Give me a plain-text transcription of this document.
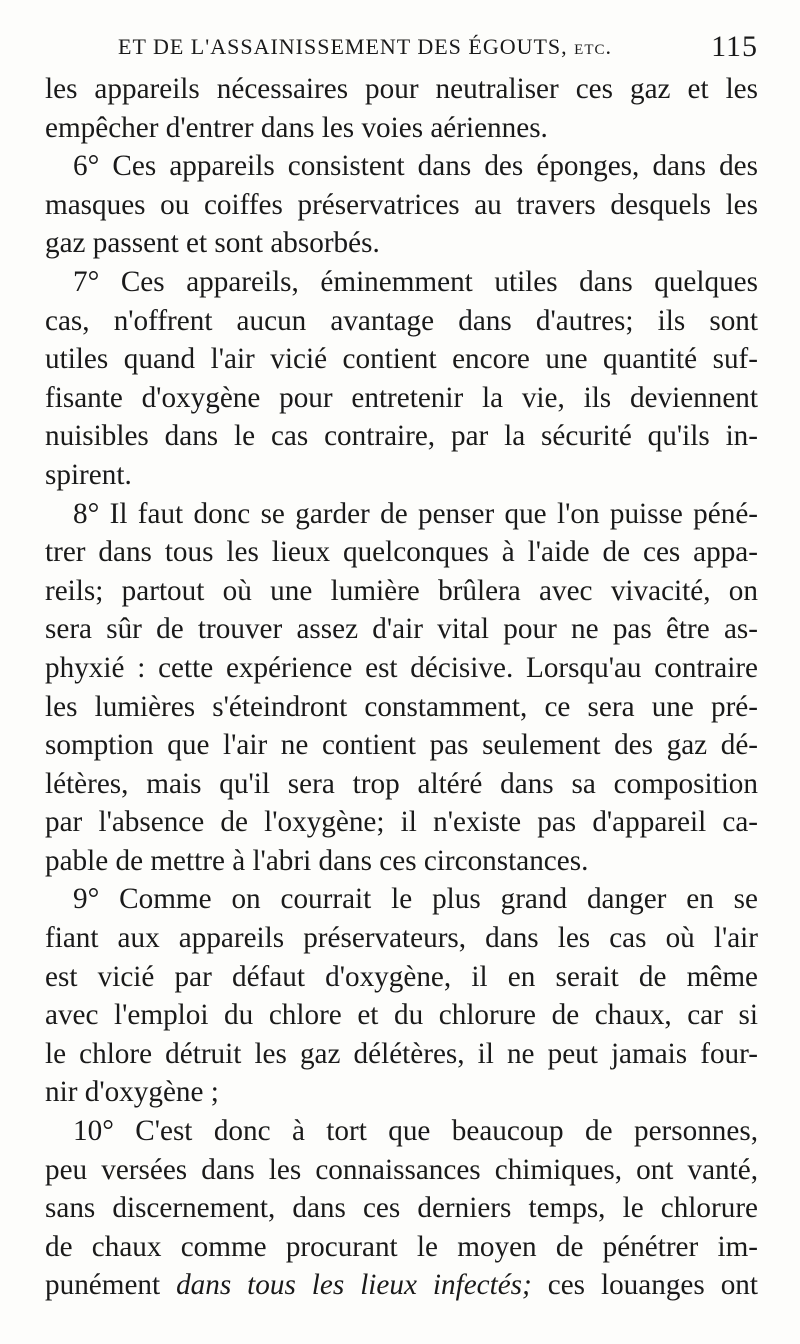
ET DE L'ASSAINISSEMENT DES ÉGOUTS, etc.	115
les appareils nécessaires pour neutraliser ces gaz et les
empêcher d'entrer dans les voies aériennes.
6° Ces appareils consistent dans des éponges, dans des
masques ou coiffes préservatrices au travers desquels les
gaz passent et sont absorbés.
7° Ces appareils, éminemment utiles dans quelques
cas, n'offrent aucun avantage dans d'autres; ils sont
utiles quand l'air vicié contient encore une quantité suf-
fisante d'oxygène pour entretenir la vie, ils deviennent
nuisibles dans le cas contraire, par la sécurité qu'ils in-
spirent.
8° Il faut donc se garder de penser que l'on puisse péné-
trer dans tous les lieux quelconques à l'aide de ces appa-
reils; partout où une lumière brûlera avec vivacité, on
sera sûr de trouver assez d'air vital pour ne pas être as-
phyxié : cette expérience est décisive. Lorsqu'au contraire
les lumières s'éteindront constamment, ce sera une pré-
somption que l'air ne contient pas seulement des gaz dé-
létères, mais qu'il sera trop altéré dans sa composition
par l'absence de l'oxygène; il n'existe pas d'appareil ca-
pable de mettre à l'abri dans ces circonstances.
9° Comme on courrait le plus grand danger en se
fiant aux appareils préservateurs, dans les cas où l'air
est vicié par défaut d'oxygène, il en serait de même
avec l'emploi du chlore et du chlorure de chaux, car si
le chlore détruit les gaz délétères, il ne peut jamais four-
nir d'oxygène ;
10° C'est donc à tort que beaucoup de personnes,
peu versées dans les connaissances chimiques, ont vanté,
sans discernement, dans ces derniers temps, le chlorure
de chaux comme procurant le moyen de pénétrer im-
punément dans tous les lieux infectés; ces louanges ont
